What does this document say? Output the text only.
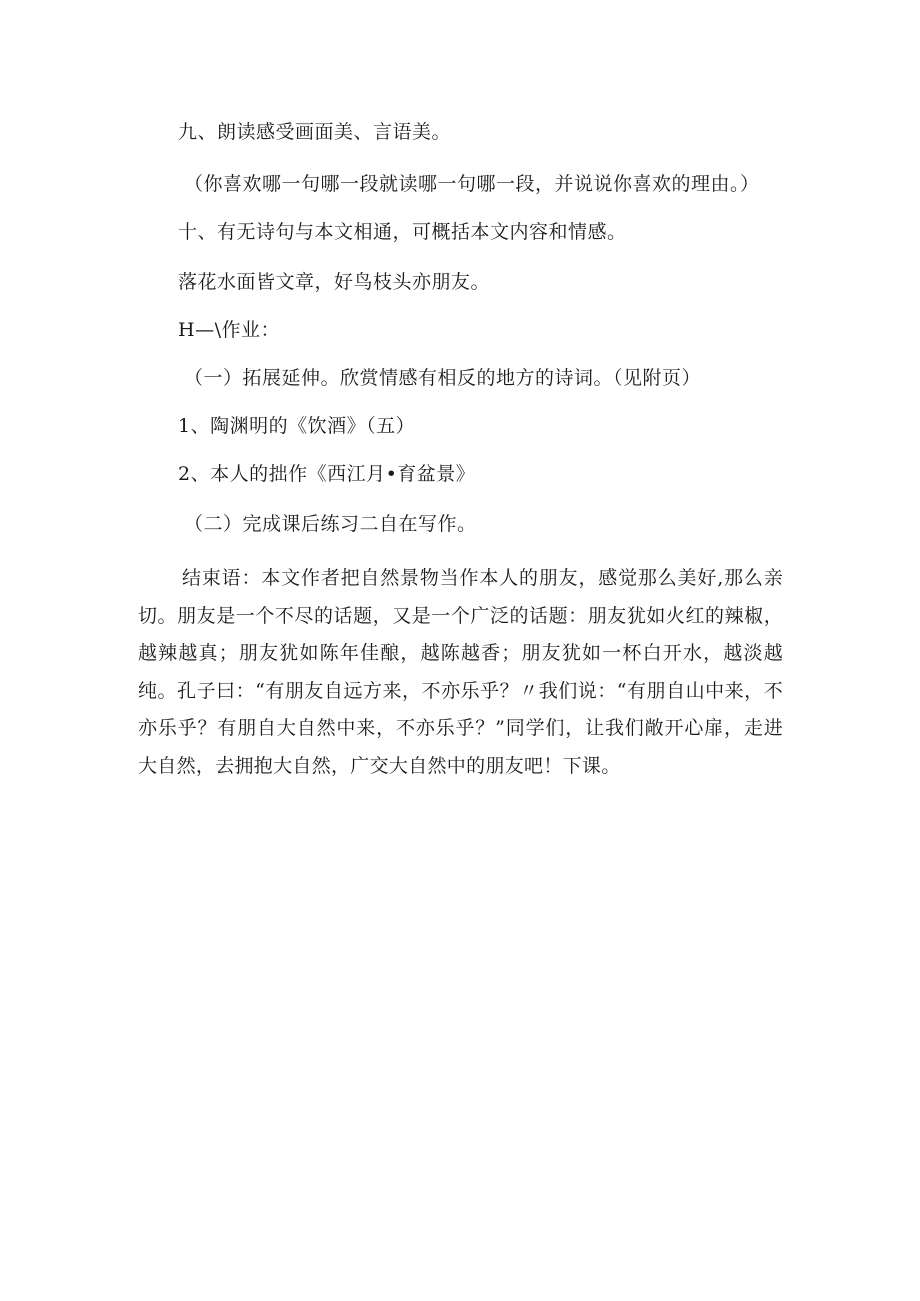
九、朗读感受画面美、言语美。
（你喜欢哪一句哪一段就读哪一句哪一段，并说说你喜欢的理由。）
十、有无诗句与本文相通，可概括本文内容和情感。
落花水面皆文章，好鸟枝头亦朋友。
H—\作业：
（一）拓展延伸。欣赏情感有相反的地方的诗词。（见附页）
1、陶渊明的《饮酒》（五）
2、本人的拙作《西江月•育盆景》
（二）完成课后练习二自在写作。

结束语：本文作者把自然景物当作本人的朋友，感觉那么美好,那么亲切。朋友是一个不尽的话题，又是一个广泛的话题：朋友犹如火红的辣椒，越辣越真；朋友犹如陈年佳酿，越陈越香；朋友犹如一杯白开水，越淡越纯。孔子曰：“有朋友自远方来，不亦乐乎？〃我们说：“有朋自山中来，不亦乐乎？有朋自大自然中来，不亦乐乎？”同学们，让我们敞开心扉，走进大自然，去拥抱大自然，广交大自然中的朋友吧！下课。
